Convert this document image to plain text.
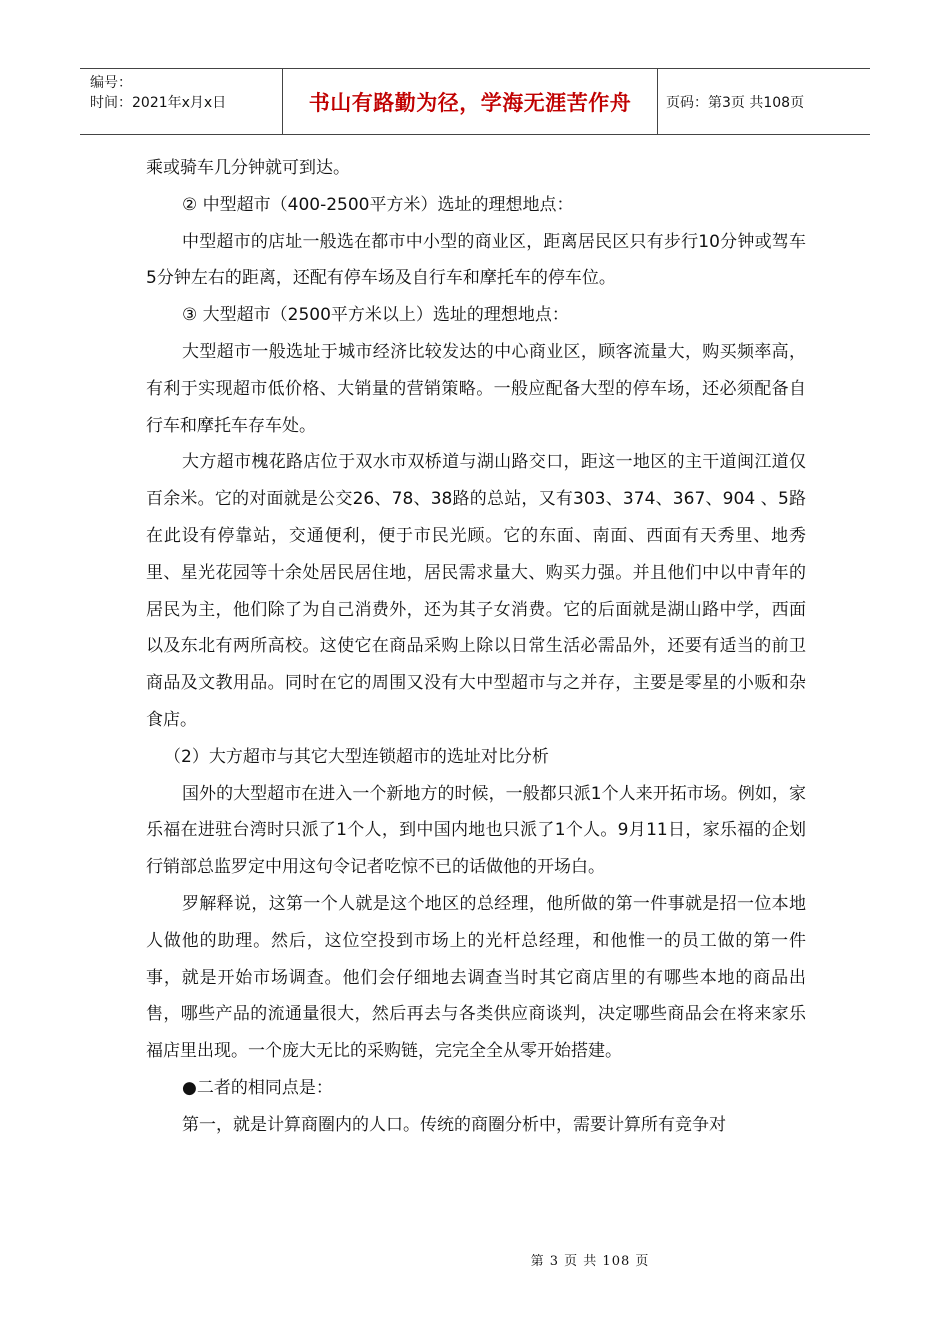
编号：
时间：2021年x月x日	书山有路勤为径，学海无涯苦作舟	页码：第3页 共108页

乘或骑车几分钟就可到达。

② 中型超市（400-2500平方米）选址的理想地点：

中型超市的店址一般选在都市中小型的商业区，距离居民区只有步行10分钟或驾车5分钟左右的距离，还配有停车场及自行车和摩托车的停车位。

③ 大型超市（2500平方米以上）选址的理想地点：

大型超市一般选址于城市经济比较发达的中心商业区，顾客流量大，购买频率高，有利于实现超市低价格、大销量的营销策略。一般应配备大型的停车场，还必须配备自行车和摩托车存车处。

大方超市槐花路店位于双水市双桥道与湖山路交口，距这一地区的主干道闽江道仅百余米。它的对面就是公交26、78、38路的总站，又有303、374、367、904 、5路在此设有停靠站，交通便利，便于市民光顾。它的东面、南面、西面有天秀里、地秀里、星光花园等十余处居民居住地，居民需求量大、购买力强。并且他们中以中青年的居民为主，他们除了为自己消费外，还为其子女消费。它的后面就是湖山路中学，西面以及东北有两所高校。这使它在商品采购上除以日常生活必需品外，还要有适当的前卫商品及文教用品。同时在它的周围又没有大中型超市与之并存，主要是零星的小贩和杂食店。

（2）大方超市与其它大型连锁超市的选址对比分析

国外的大型超市在进入一个新地方的时候，一般都只派1个人来开拓市场。例如，家乐福在进驻台湾时只派了1个人，到中国内地也只派了1个人。9月11日，家乐福的企划行销部总监罗定中用这句令记者吃惊不已的话做他的开场白。

罗解释说，这第一个人就是这个地区的总经理，他所做的第一件事就是招一位本地人做他的助理。然后，这位空投到市场上的光杆总经理，和他惟一的员工做的第一件事，就是开始市场调查。他们会仔细地去调查当时其它商店里的有哪些本地的商品出售，哪些产品的流通量很大，然后再去与各类供应商谈判，决定哪些商品会在将来家乐福店里出现。一个庞大无比的采购链，完完全全从零开始搭建。

●二者的相同点是：

第一，就是计算商圈内的人口。传统的商圈分析中，需要计算所有竞争对

第 3 页 共 108 页
